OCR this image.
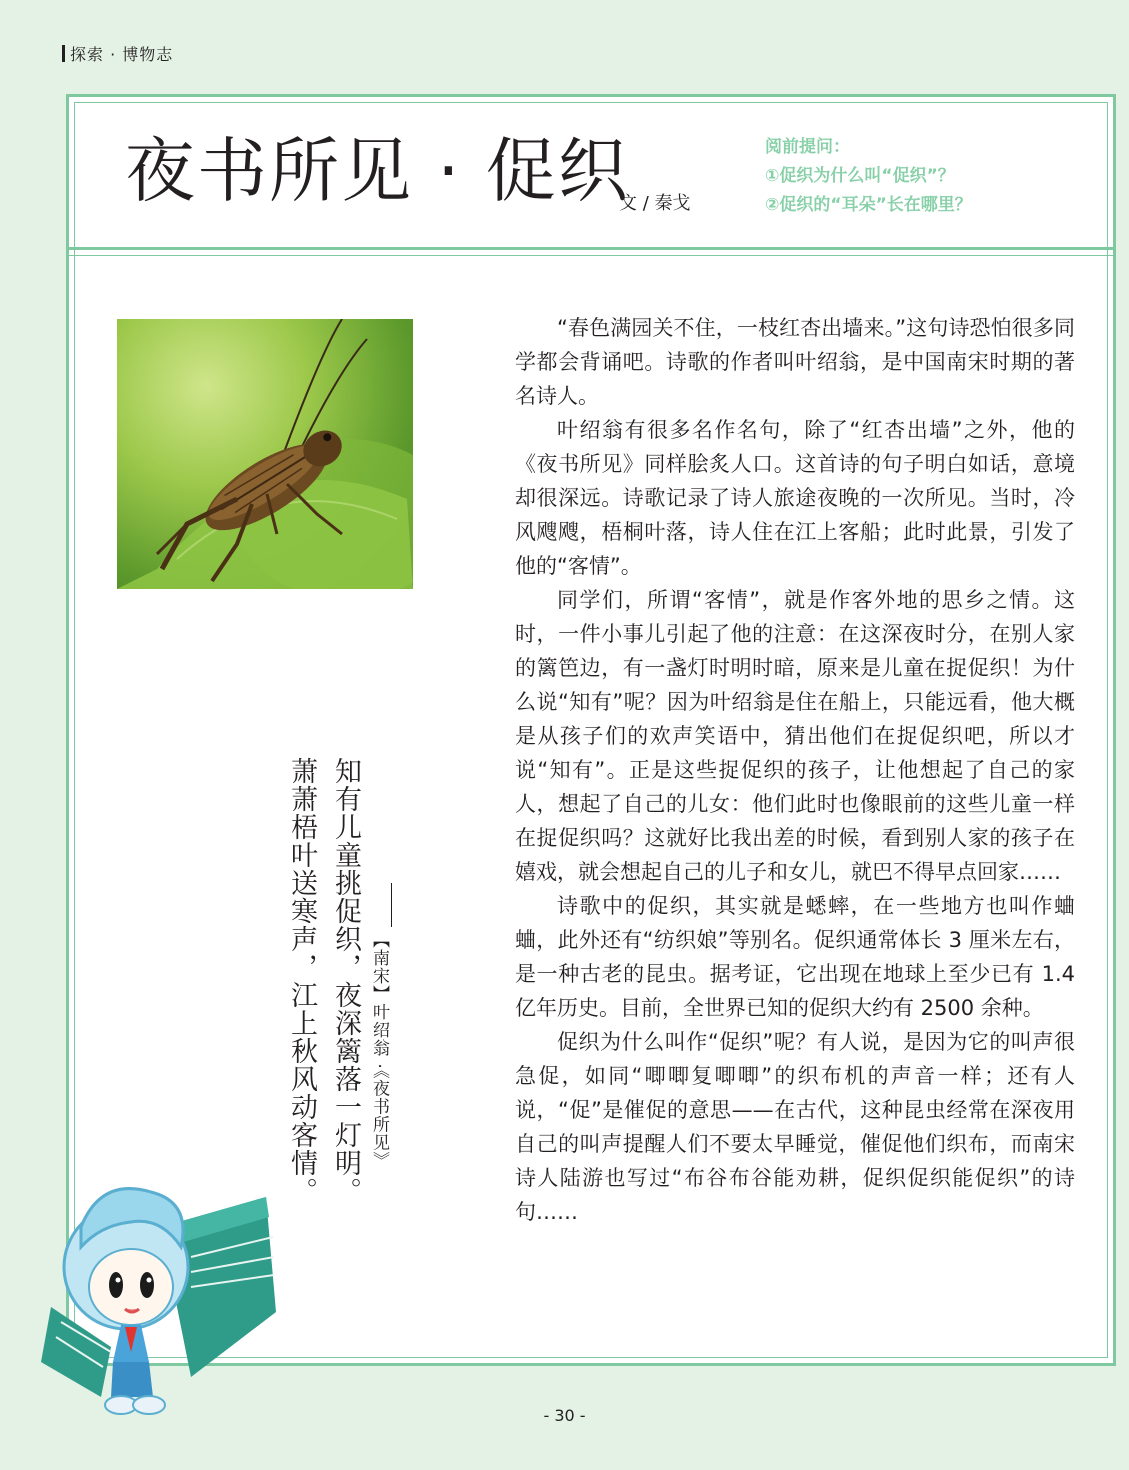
探索 · 博物志
夜书所见 · 促织
文 / 秦戈
阅前提问：
①促织为什么叫“促织”？
②促织的“耳朵”长在哪里？
【南宋】叶绍翁 ·《夜书所见》
知有儿童挑促织，夜深篱落一灯明。
萧萧梧叶送寒声，江上秋风动客情。

“春色满园关不住，一枝红杏出墙来。”这句诗恐怕很多同学都会背诵吧。诗歌的作者叫叶绍翁，是中国南宋时期的著名诗人。

叶绍翁有很多名作名句，除了“红杏出墙”之外，他的《夜书所见》同样脍炙人口。这首诗的句子明白如话，意境却很深远。诗歌记录了诗人旅途夜晚的一次所见。当时，冷风飕飕，梧桐叶落，诗人住在江上客船；此时此景，引发了他的“客情”。

同学们，所谓“客情”，就是作客外地的思乡之情。这时，一件小事儿引起了他的注意：在这深夜时分，在别人家的篱笆边，有一盏灯时明时暗，原来是儿童在捉促织！为什么说“知有”呢？因为叶绍翁是住在船上，只能远看，他大概是从孩子们的欢声笑语中，猜出他们在捉促织吧，所以才说“知有”。正是这些捉促织的孩子，让他想起了自己的家人，想起了自己的儿女：他们此时也像眼前的这些儿童一样在捉促织吗？这就好比我出差的时候，看到别人家的孩子在嬉戏，就会想起自己的儿子和女儿，就巴不得早点回家……

诗歌中的促织，其实就是蟋蟀，在一些地方也叫作蛐蛐，此外还有“纺织娘”等别名。促织通常体长 3 厘米左右，是一种古老的昆虫。据考证，它出现在地球上至少已有 1.4 亿年历史。目前，全世界已知的促织大约有 2500 余种。

促织为什么叫作“促织”呢？有人说，是因为它的叫声很急促，如同“唧唧复唧唧”的织布机的声音一样；还有人说，“促”是催促的意思——在古代，这种昆虫经常在深夜用自己的叫声提醒人们不要太早睡觉，催促他们织布，而南宋诗人陆游也写过“布谷布谷能劝耕，促织促织能促织”的诗句……

- 30 -
